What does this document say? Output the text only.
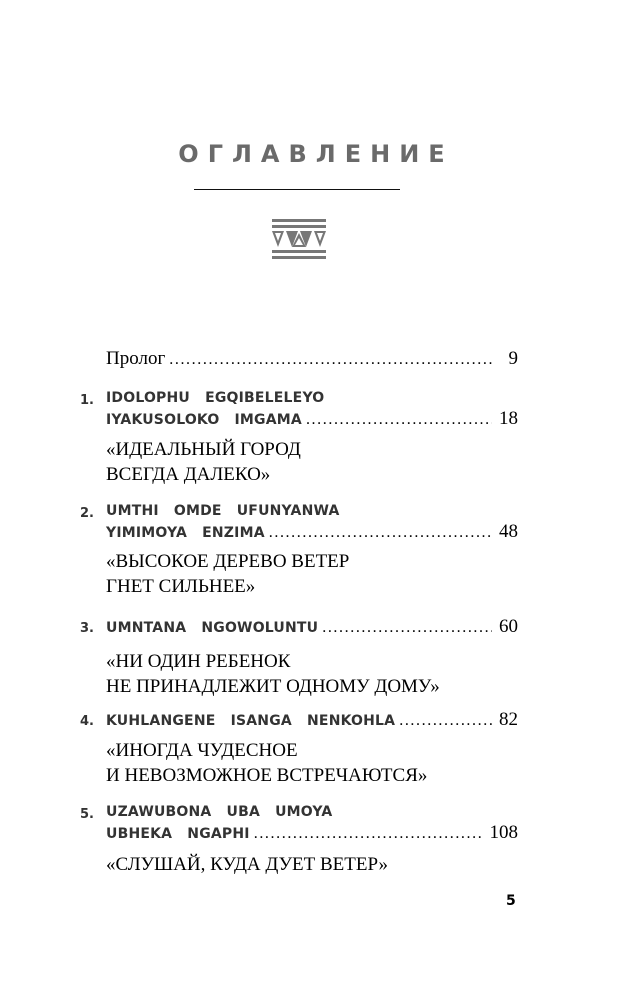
ОГЛАВЛЕНИЕ
Пролог . . .	9
1. IDOLOPHU EGQIBELELEYO
IYAKUSOLOKO IMGAMA . . .	18
«ИДЕАЛЬНЫЙ ГОРОД
ВСЕГДА ДАЛЕКО»
2. UMTHI OMDE UFUNYANWA
YIMIMOYA ENZIMA . . .	48
«ВЫСОКОЕ ДЕРЕВО ВЕТЕР
ГНЕТ СИЛЬНЕЕ»
3. UMNTANA NGOWOLUNTU . . .	60
«НИ ОДИН РЕБЕНОК
НЕ ПРИНАДЛЕЖИТ ОДНОМУ ДОМУ»
4. KUHLANGENE ISANGA NENKOHLA . . .	82
«ИНОГДА ЧУДЕСНОЕ
И НЕВОЗМОЖНОЕ ВСТРЕЧАЮТСЯ»
5. UZAWUBONA UBA UMOYA
UBHEKA NGAPHI . . .	108
«СЛУШАЙ, КУДА ДУЕТ ВЕТЕР»
5
